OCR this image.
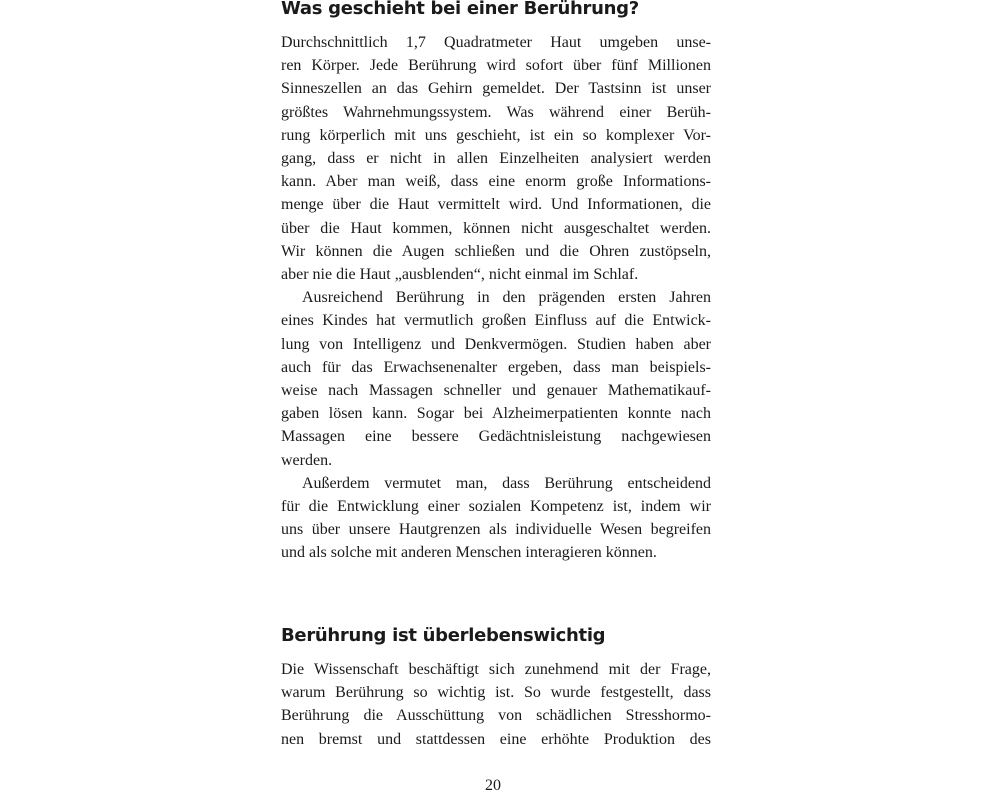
Was geschieht bei einer Berührung?

Durchschnittlich 1,7 Quadratmeter Haut umgeben unse-

ren Körper. Jede Berührung wird sofort über fünf Millionen

Sinneszellen an das Gehirn gemeldet. Der Tastsinn ist unser

größtes Wahrnehmungssystem. Was während einer Berüh-

rung körperlich mit uns geschieht, ist ein so komplexer Vor-

gang, dass er nicht in allen Einzelheiten analysiert werden

kann. Aber man weiß, dass eine enorm große Informations-

menge über die Haut vermittelt wird. Und Informationen, die

über die Haut kommen, können nicht ausgeschaltet werden.

Wir können die Augen schließen und die Ohren zustöpseln,

aber nie die Haut „ausblenden“, nicht einmal im Schlaf.

Ausreichend Berührung in den prägenden ersten Jahren

eines Kindes hat vermutlich großen Einfluss auf die Entwick-

lung von Intelligenz und Denkvermögen. Studien haben aber

auch für das Erwachsenenalter ergeben, dass man beispiels-

weise nach Massagen schneller und genauer Mathematikauf-

gaben lösen kann. Sogar bei Alzheimerpatienten konnte nach

Massagen eine bessere Gedächtnisleistung nachgewiesen

werden.

Außerdem vermutet man, dass Berührung entscheidend

für die Entwicklung einer sozialen Kompetenz ist, indem wir

uns über unsere Hautgrenzen als individuelle Wesen begreifen

und als solche mit anderen Menschen interagieren können.

Berührung ist überlebenswichtig

Die Wissenschaft beschäftigt sich zunehmend mit der Frage,

warum Berührung so wichtig ist. So wurde festgestellt, dass

Berührung die Ausschüttung von schädlichen Stresshormo-

nen bremst und stattdessen eine erhöhte Produktion des

20
